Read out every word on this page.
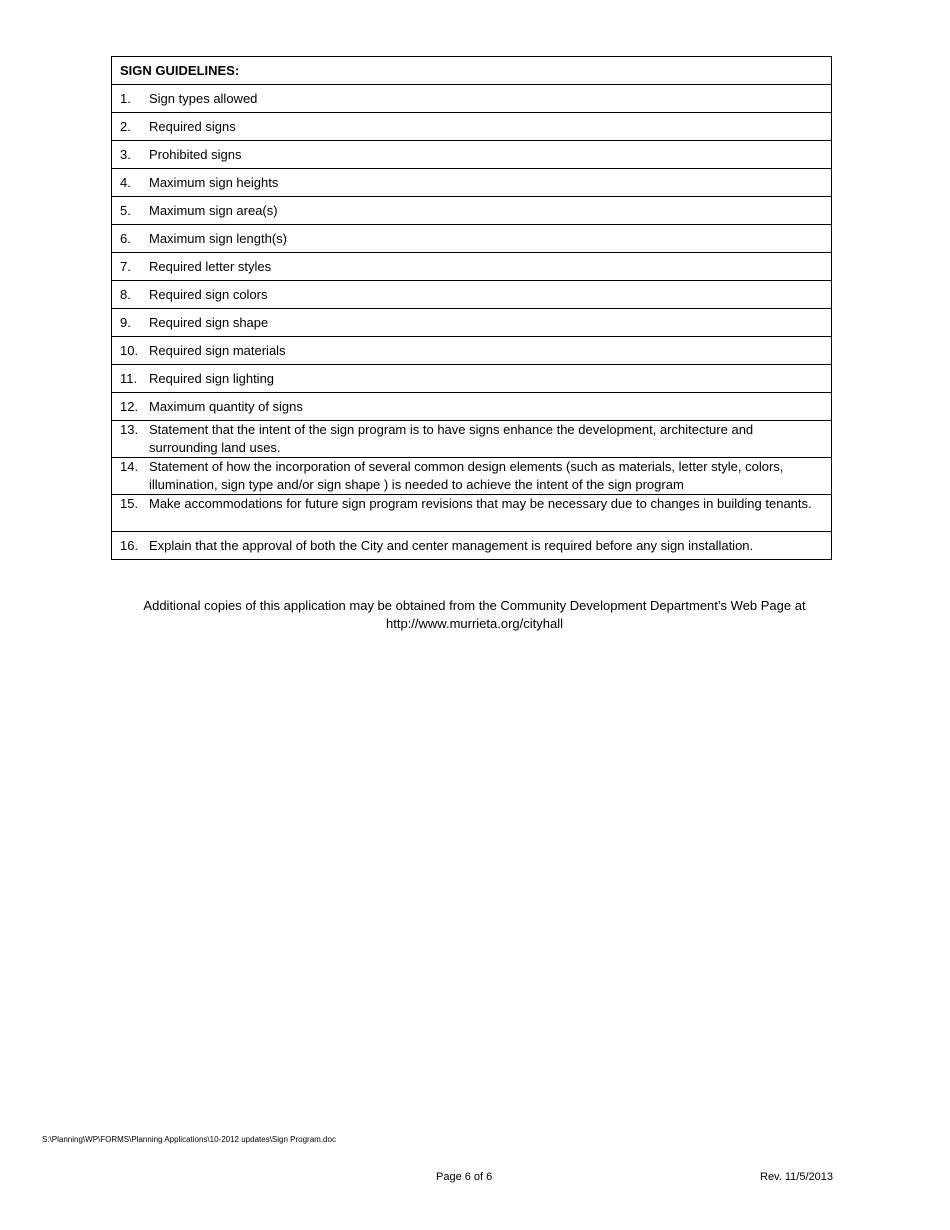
SIGN GUIDELINES:

1.	Sign types allowed

2.	Required signs

3.	Prohibited signs

4.	Maximum sign heights

5.	Maximum sign area(s)

6.	Maximum sign length(s)

7.	Required letter styles

8.	Required sign colors

9.	Required sign shape

10. Required sign materials

11. Required sign lighting

12. Maximum quantity of signs

13. Statement that the intent of the sign program is to have signs enhance the development, architecture and surrounding land uses.

14. Statement of how the incorporation of several common design elements (such as materials, letter style, colors, illumination, sign type and/or sign shape ) is needed to achieve the intent of the sign program

15. Make accommodations for future sign program revisions that may be necessary due to changes in building tenants.

16. Explain that the approval of both the City and center management is required before any sign installation.
Additional copies of this application may be obtained from the Community Development Department’s Web Page at
http://www.murrieta.org/cityhall
S:\Planning\WP\FORMS\Planning Applications\10-2012 updates\Sign Program.doc
Page 6 of 6	Rev. 11/5/2013
